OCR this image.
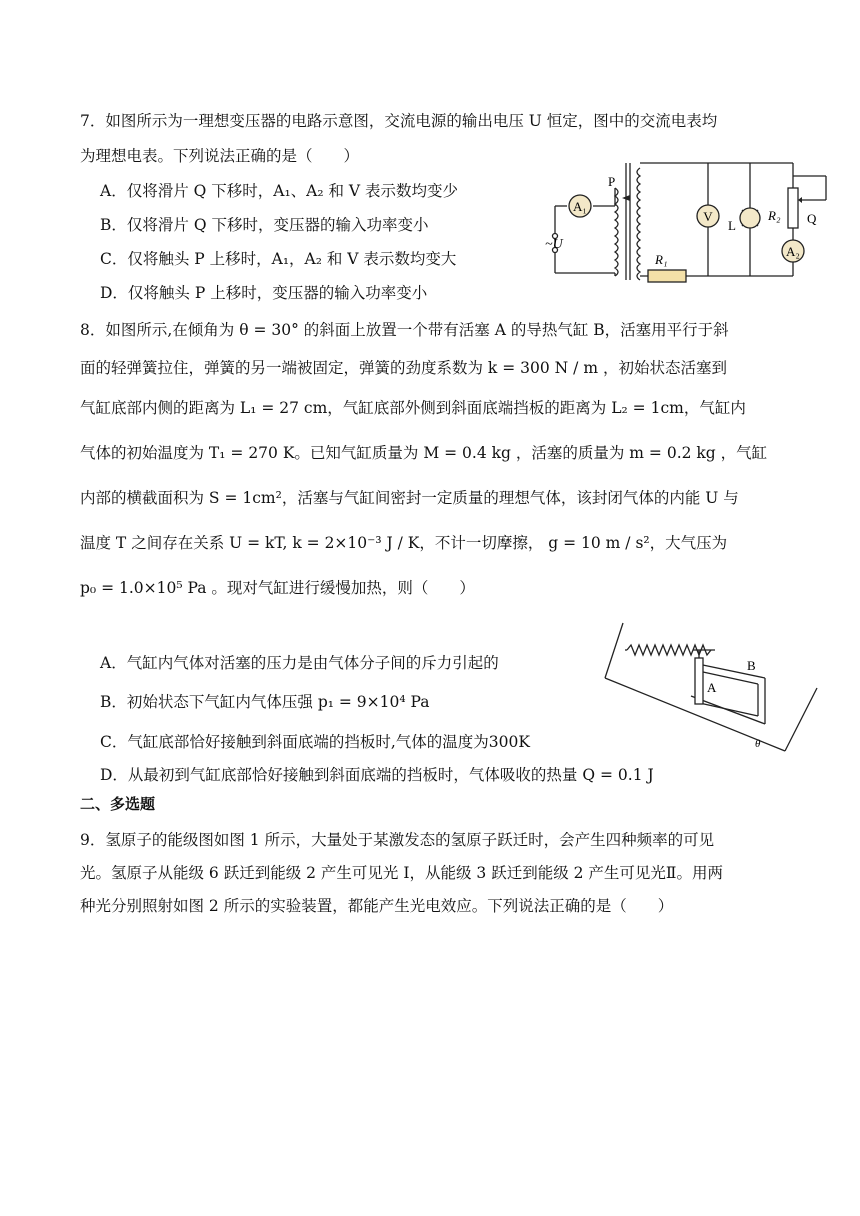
7．如图所示为一理想变压器的电路示意图，交流电源的输出电压 U 恒定，图中的交流电表均
为理想电表。下列说法正确的是（　　）
A．仅将滑片 Q 下移时，A₁、A₂ 和 V 表示数均变少
B．仅将滑片 Q 下移时，变压器的输入功率变小
C．仅将触头 P 上移时，A₁，A₂ 和 V 表示数均变大
D．仅将触头 P 上移时，变压器的输入功率变小
A₁
V
A₂
~U
P
Q
R₁
R₂
L
8．如图所示,在倾角为 θ = 30° 的斜面上放置一个带有活塞 A 的导热气缸 B，活塞用平行于斜
面的轻弹簧拉住，弹簧的另一端被固定，弹簧的劲度系数为 k = 300 N / m ，初始状态活塞到
气缸底部内侧的距离为 L₁ = 27 cm，气缸底部外侧到斜面底端挡板的距离为 L₂ = 1cm，气缸内
气体的初始温度为 T₁ = 270 K。已知气缸质量为 M = 0.4 kg ，活塞的质量为 m = 0.2 kg ，气缸
内部的横截面积为 S = 1cm²，活塞与气缸间密封一定质量的理想气体，该封闭气体的内能 U 与
温度 T 之间存在关系 U = kT, k = 2×10⁻³ J / K，不计一切摩擦， g = 10 m / s²，大气压为
p₀ = 1.0×10⁵ Pa 。现对气缸进行缓慢加热，则（　　）
A．气缸内气体对活塞的压力是由气体分子间的斥力引起的
B．初始状态下气缸内气体压强 p₁ = 9×10⁴ Pa
C．气缸底部恰好接触到斜面底端的挡板时,气体的温度为300K
D．从最初到气缸底部恰好接触到斜面底端的挡板时，气体吸收的热量 Q = 0.1 J
A
B
θ
二、多选题
9．氢原子的能级图如图 1 所示，大量处于某激发态的氢原子跃迁时，会产生四种频率的可见
光。氢原子从能级 6 跃迁到能级 2 产生可见光 I，从能级 3 跃迁到能级 2 产生可见光Ⅱ。用两
种光分别照射如图 2 所示的实验装置，都能产生光电效应。下列说法正确的是（　　）
